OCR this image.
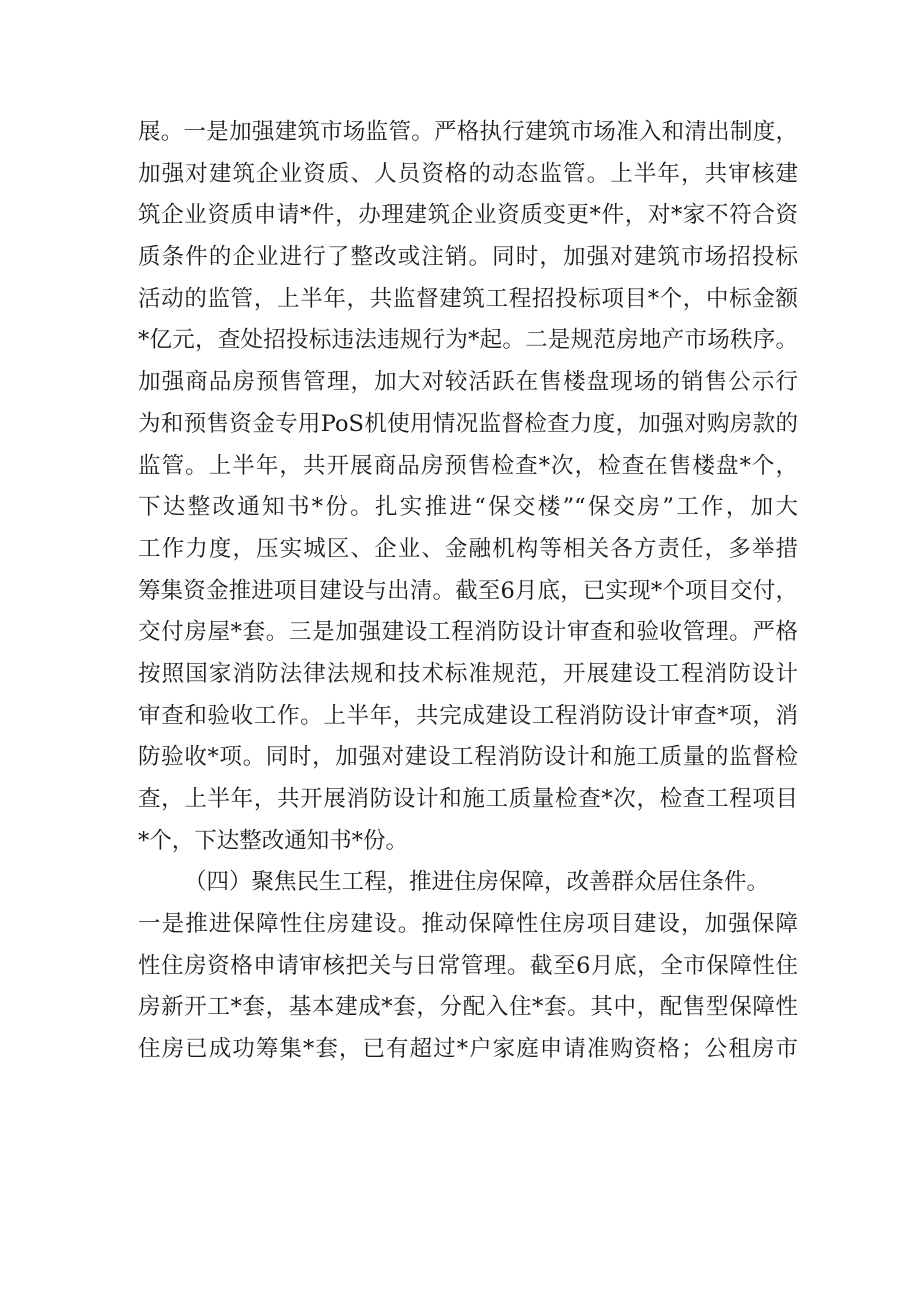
展。一是加强建筑市场监管。严格执行建筑市场准入和清出制度，
加强对建筑企业资质、人员资格的动态监管。上半年，共审核建
筑企业资质申请*件，办理建筑企业资质变更*件，对*家不符合资
质条件的企业进行了整改或注销。同时，加强对建筑市场招投标
活动的监管，上半年，共监督建筑工程招投标项目*个，中标金额
*亿元，查处招投标违法违规行为*起。二是规范房地产市场秩序。
加强商品房预售管理，加大对较活跃在售楼盘现场的销售公示行
为和预售资金专用PoS机使用情况监督检查力度，加强对购房款的
监管。上半年，共开展商品房预售检查*次，检查在售楼盘*个，
下达整改通知书*份。扎实推进“保交楼”“保交房”工作，加大
工作力度，压实城区、企业、金融机构等相关各方责任，多举措
筹集资金推进项目建设与出清。截至6月底，已实现*个项目交付，
交付房屋*套。三是加强建设工程消防设计审查和验收管理。严格
按照国家消防法律法规和技术标准规范，开展建设工程消防设计
审查和验收工作。上半年，共完成建设工程消防设计审查*项，消
防验收*项。同时，加强对建设工程消防设计和施工质量的监督检
查，上半年，共开展消防设计和施工质量检查*次，检查工程项目
*个，下达整改通知书*份。
（四）聚焦民生工程，推进住房保障，改善群众居住条件。
一是推进保障性住房建设。推动保障性住房项目建设，加强保障
性住房资格申请审核把关与日常管理。截至6月底，全市保障性住
房新开工*套，基本建成*套，分配入住*套。其中，配售型保障性
住房已成功筹集*套，已有超过*户家庭申请准购资格；公租房市
